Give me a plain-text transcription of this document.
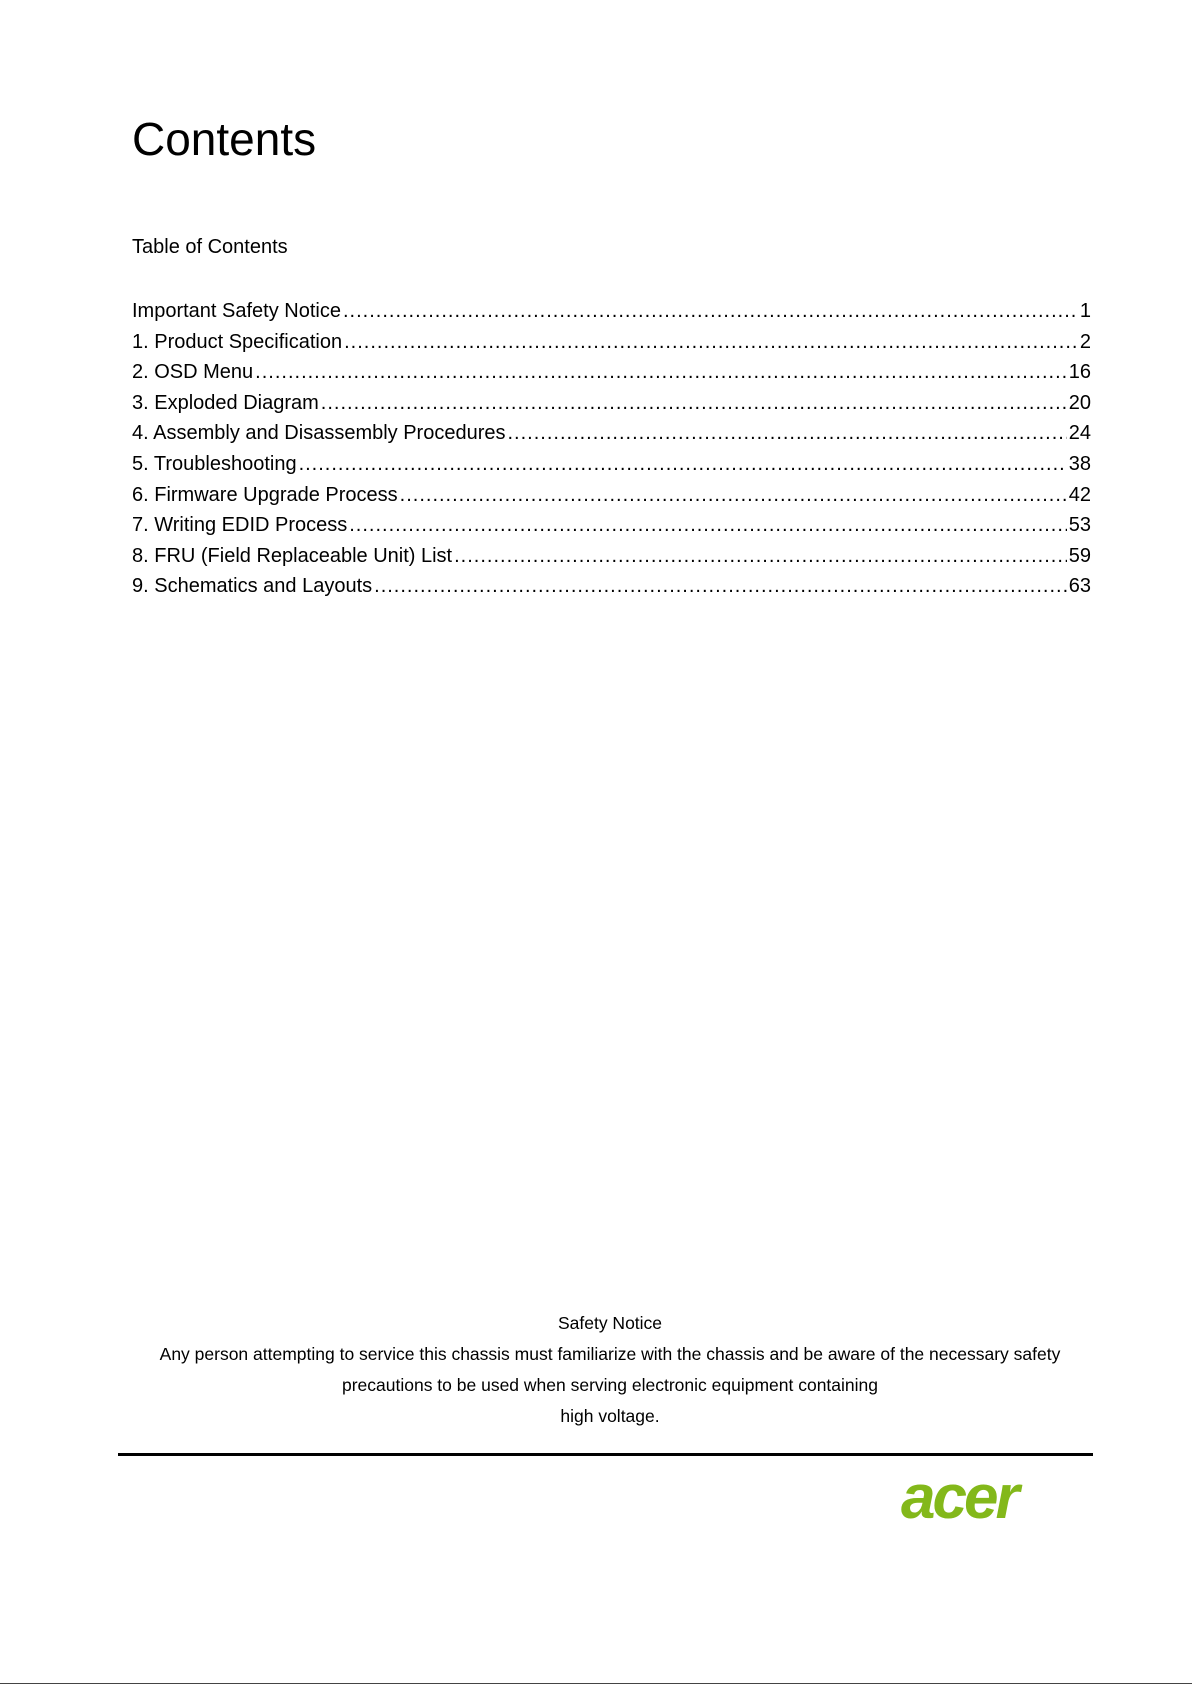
Contents
Table of Contents
Important Safety Notice .....	1
1. Product Specification .....	2
2. OSD Menu .....	16
3. Exploded Diagram .....	20
4. Assembly and Disassembly Procedures .....	24
5. Troubleshooting .....	38
6. Firmware Upgrade Process .....	42
7. Writing EDID Process .....	53
8. FRU (Field Replaceable Unit) List .....	59
9. Schematics and Layouts .....	63
Safety Notice
Any person attempting to service this chassis must familiarize with the chassis and be aware of the necessary safety
precautions to be used when serving electronic equipment containing
high voltage.
acer
